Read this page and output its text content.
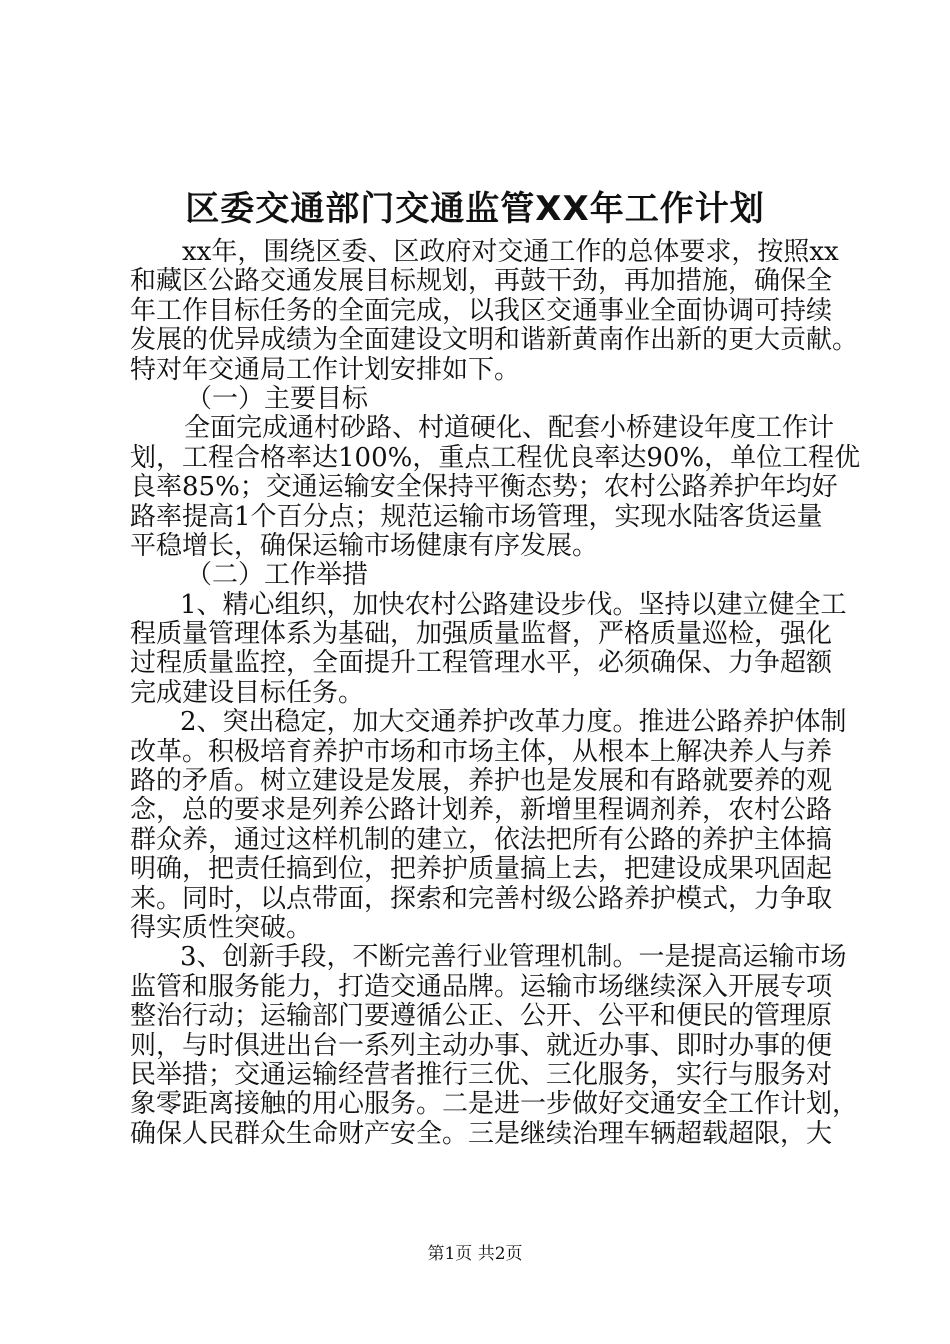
区委交通部门交通监管XX年工作计划
xx年，围绕区委、区政府对交通工作的总体要求，按照xx
和藏区公路交通发展目标规划，再鼓干劲，再加措施，确保全
年工作目标任务的全面完成，以我区交通事业全面协调可持续
发展的优异成绩为全面建设文明和谐新黄南作出新的更大贡献。
特对年交通局工作计划安排如下。
（一）主要目标
全面完成通村砂路、村道硬化、配套小桥建设年度工作计
划，工程合格率达100%，重点工程优良率达90%，单位工程优
良率85%；交通运输安全保持平衡态势；农村公路养护年均好
路率提高1个百分点；规范运输市场管理，实现水陆客货运量
平稳增长，确保运输市场健康有序发展。
（二）工作举措
1、精心组织，加快农村公路建设步伐。坚持以建立健全工
程质量管理体系为基础，加强质量监督，严格质量巡检，强化
过程质量监控，全面提升工程管理水平，必须确保、力争超额
完成建设目标任务。
2、突出稳定，加大交通养护改革力度。推进公路养护体制
改革。积极培育养护市场和市场主体，从根本上解决养人与养
路的矛盾。树立建设是发展，养护也是发展和有路就要养的观
念，总的要求是列养公路计划养，新增里程调剂养，农村公路
群众养，通过这样机制的建立，依法把所有公路的养护主体搞
明确，把责任搞到位，把养护质量搞上去，把建设成果巩固起
来。同时，以点带面，探索和完善村级公路养护模式，力争取
得实质性突破。
3、创新手段，不断完善行业管理机制。一是提高运输市场
监管和服务能力，打造交通品牌。运输市场继续深入开展专项
整治行动；运输部门要遵循公正、公开、公平和便民的管理原
则，与时俱进出台一系列主动办事、就近办事、即时办事的便
民举措；交通运输经营者推行三优、三化服务，实行与服务对
象零距离接触的用心服务。二是进一步做好交通安全工作计划，
确保人民群众生命财产安全。三是继续治理车辆超载超限，大
第1页 共2页
